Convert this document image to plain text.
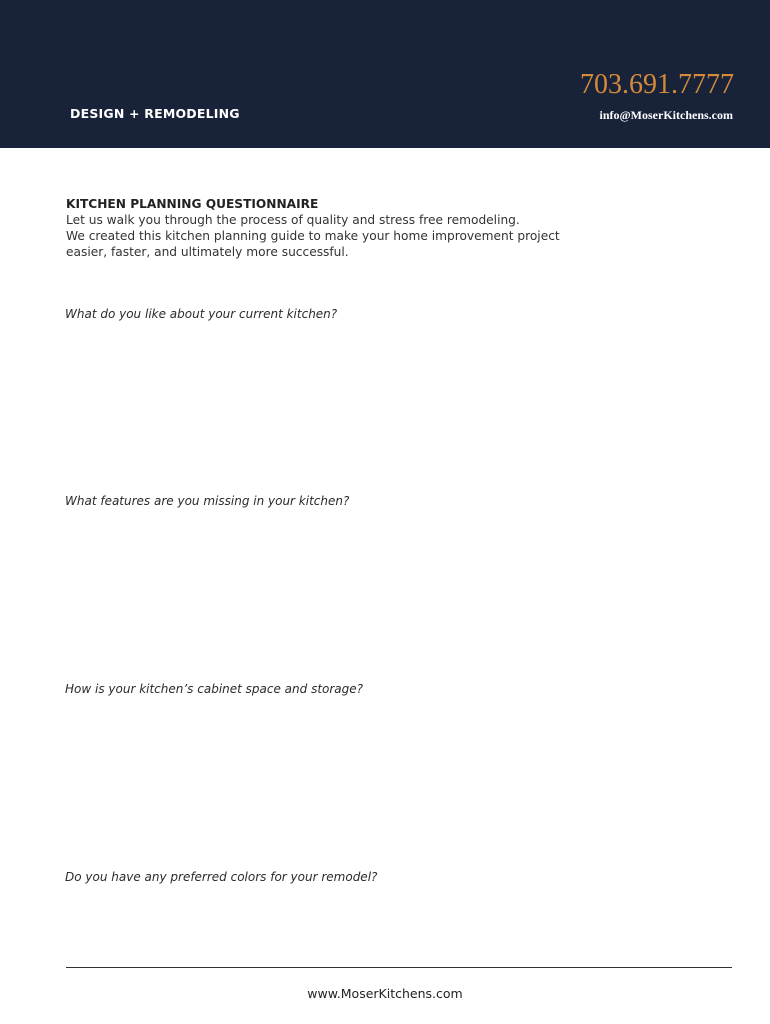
DESIGN + REMODELING
703.691.7777
info@MoserKitchens.com
KITCHEN PLANNING QUESTIONNAIRE
Let us walk you through the process of quality and stress free remodeling.
We created this kitchen planning guide to make your home improvement project
easier, faster, and ultimately more successful.
What do you like about your current kitchen?
What features are you missing in your kitchen?
How is your kitchen’s cabinet space and storage?
Do you have any preferred colors for your remodel?
www.MoserKitchens.com
